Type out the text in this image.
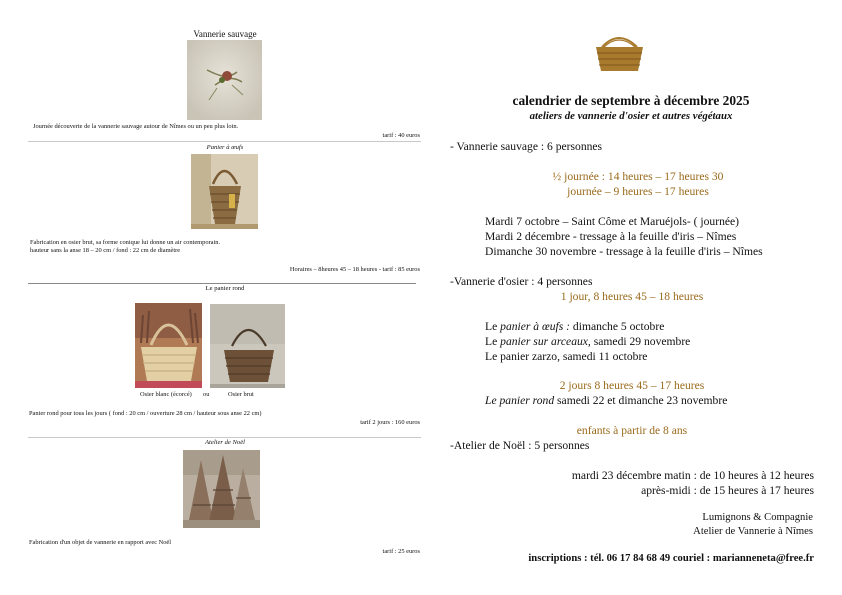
Vannerie sauvage
Journée découverte de la vannerie sauvage autour de Nîmes ou un peu plus loin.
tarif : 40 euros
Panier à œufs
Fabrication en osier brut, sa forme conique lui donne un air contemporain.
hauteur sans la anse 18 – 20 cm / fond : 22 cm de diamètre
Horaires – 8heures 45 – 18 heures - tarif : 85 euros
Le panier rond
Osier blanc (écorcé) ou	Osier brut
Panier rond pour tous les jours ( fond : 20 cm / ouverture 28 cm / hauteur sous anse 22 cm)
tarif 2 jours : 160 euros
Atelier de Noël
Fabrication d'un objet de vannerie en rapport avec Noël
tarif : 25 euros
calendrier de septembre à décembre 2025
ateliers de vannerie d'osier et autres végétaux
- Vannerie sauvage : 6 personnes
½ journée : 14 heures – 17 heures 30
journée – 9 heures – 17 heures
Mardi 7 octobre – Saint Côme et Maruéjols- ( journée)
Mardi 2 décembre - tressage à la feuille d'iris – Nîmes
Dimanche 30 novembre - tressage à la feuille d'iris – Nîmes
-Vannerie d'osier : 4 personnes
1 jour, 8 heures 45 – 18 heures
Le panier à œufs : dimanche 5 octobre
Le panier sur arceaux, samedi 29 novembre
Le panier zarzo, samedi 11 octobre
2 jours 8 heures 45 – 17 heures
Le panier rond samedi 22 et dimanche 23 novembre
enfants à partir de 8 ans
-Atelier de Noël : 5 personnes
mardi 23 décembre matin : de 10 heures à 12 heures
après-midi : de 15 heures à 17 heures
Lumignons & Compagnie
Atelier de Vannerie à Nîmes
inscriptions : tél. 06 17 84 68 49 couriel : marianneneta@free.fr
